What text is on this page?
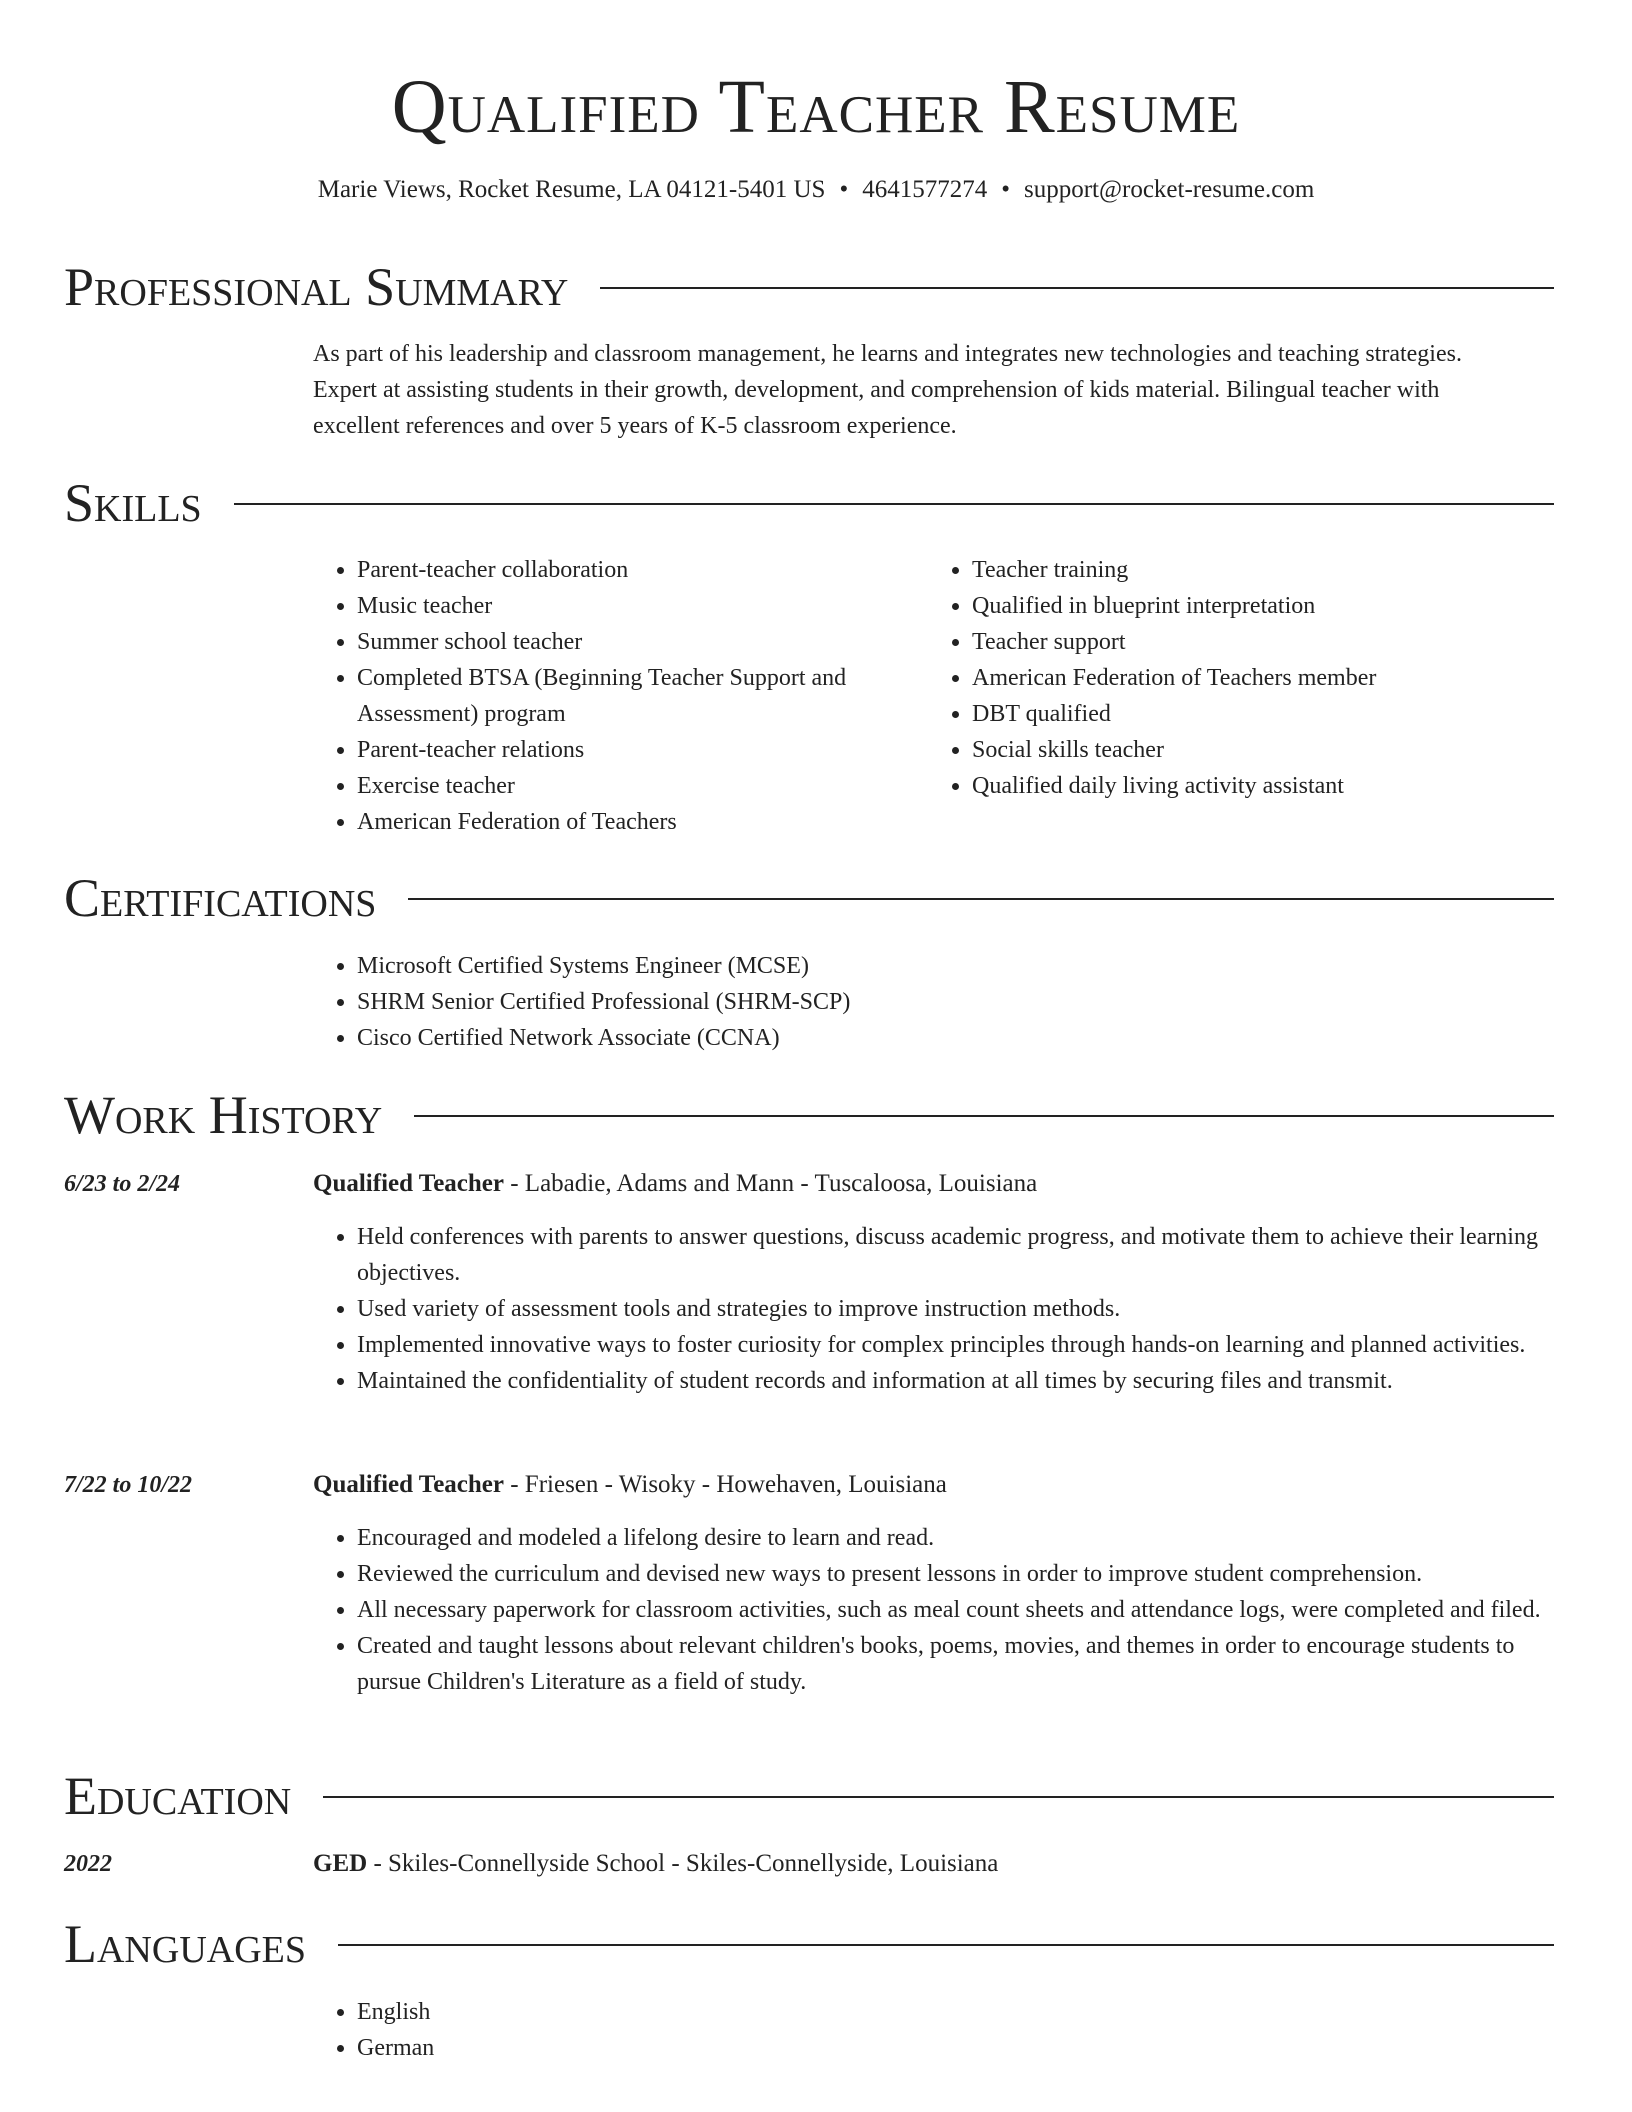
Qualified Teacher Resume
Marie Views, Rocket Resume, LA 04121-5401 US • 4641577274 • support@rocket-resume.com
Professional Summary
As part of his leadership and classroom management, he learns and integrates new technologies and teaching strategies.
Expert at assisting students in their growth, development, and comprehension of kids material. Bilingual teacher with
excellent references and over 5 years of K-5 classroom experience.
Skills
• Parent-teacher collaboration
• Music teacher
• Summer school teacher
• Completed BTSA (Beginning Teacher Support and Assessment) program
• Parent-teacher relations
• Exercise teacher
• American Federation of Teachers
• Teacher training
• Qualified in blueprint interpretation
• Teacher support
• American Federation of Teachers member
• DBT qualified
• Social skills teacher
• Qualified daily living activity assistant
Certifications
• Microsoft Certified Systems Engineer (MCSE)
• SHRM Senior Certified Professional (SHRM-SCP)
• Cisco Certified Network Associate (CCNA)
Work History
6/23 to 2/24	Qualified Teacher - Labadie, Adams and Mann - Tuscaloosa, Louisiana
• Held conferences with parents to answer questions, discuss academic progress, and motivate them to achieve their learning objectives.
• Used variety of assessment tools and strategies to improve instruction methods.
• Implemented innovative ways to foster curiosity for complex principles through hands-on learning and planned activities.
• Maintained the confidentiality of student records and information at all times by securing files and transmit.
7/22 to 10/22	Qualified Teacher - Friesen - Wisoky - Howehaven, Louisiana
• Encouraged and modeled a lifelong desire to learn and read.
• Reviewed the curriculum and devised new ways to present lessons in order to improve student comprehension.
• All necessary paperwork for classroom activities, such as meal count sheets and attendance logs, were completed and filed.
• Created and taught lessons about relevant children's books, poems, movies, and themes in order to encourage students to pursue Children's Literature as a field of study.
Education
2022	GED - Skiles-Connellyside School - Skiles-Connellyside, Louisiana
Languages
• English
• German
